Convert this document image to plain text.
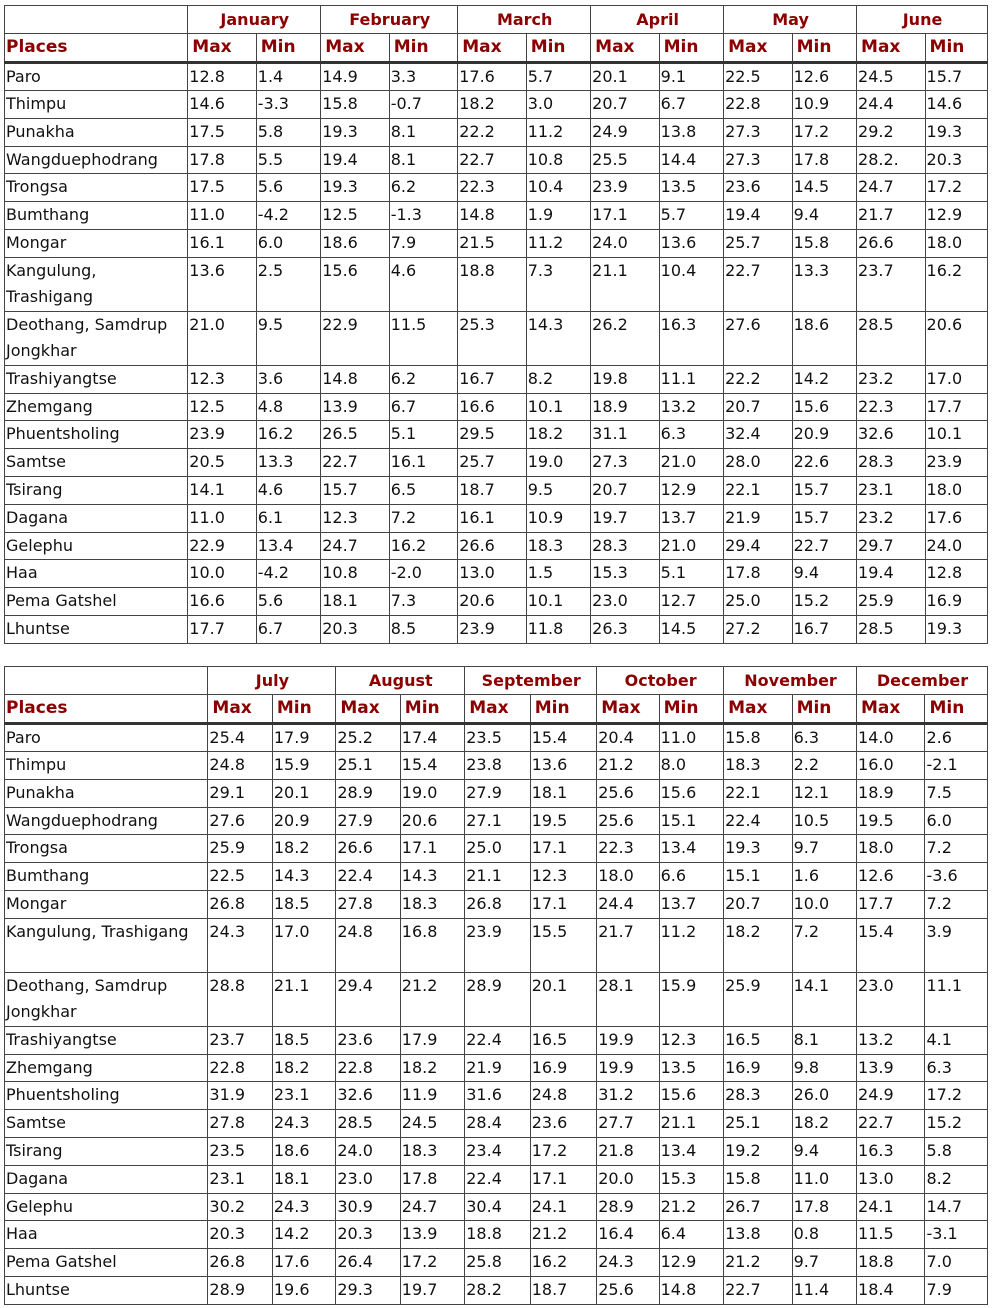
	January		February		March		April		May		June	
Places	Max	Min	Max	Min	Max	Min	Max	Min	Max	Min	Max	Min
Paro	12.8	1.4	14.9	3.3	17.6	5.7	20.1	9.1	22.5	12.6	24.5	15.7
Thimpu	14.6	-3.3	15.8	-0.7	18.2	3.0	20.7	6.7	22.8	10.9	24.4	14.6
Punakha	17.5	5.8	19.3	8.1	22.2	11.2	24.9	13.8	27.3	17.2	29.2	19.3
Wangduephodrang	17.8	5.5	19.4	8.1	22.7	10.8	25.5	14.4	27.3	17.8	28.2.	20.3
Trongsa	17.5	5.6	19.3	6.2	22.3	10.4	23.9	13.5	23.6	14.5	24.7	17.2
Bumthang	11.0	-4.2	12.5	-1.3	14.8	1.9	17.1	5.7	19.4	9.4	21.7	12.9
Mongar	16.1	6.0	18.6	7.9	21.5	11.2	24.0	13.6	25.7	15.8	26.6	18.0
Kangulung, Trashigang	13.6	2.5	15.6	4.6	18.8	7.3	21.1	10.4	22.7	13.3	23.7	16.2
Deothang, Samdrup Jongkhar	21.0	9.5	22.9	11.5	25.3	14.3	26.2	16.3	27.6	18.6	28.5	20.6
Trashiyangtse	12.3	3.6	14.8	6.2	16.7	8.2	19.8	11.1	22.2	14.2	23.2	17.0
Zhemgang	12.5	4.8	13.9	6.7	16.6	10.1	18.9	13.2	20.7	15.6	22.3	17.7
Phuentsholing	23.9	16.2	26.5	5.1	29.5	18.2	31.1	6.3	32.4	20.9	32.6	10.1
Samtse	20.5	13.3	22.7	16.1	25.7	19.0	27.3	21.0	28.0	22.6	28.3	23.9
Tsirang	14.1	4.6	15.7	6.5	18.7	9.5	20.7	12.9	22.1	15.7	23.1	18.0
Dagana	11.0	6.1	12.3	7.2	16.1	10.9	19.7	13.7	21.9	15.7	23.2	17.6
Gelephu	22.9	13.4	24.7	16.2	26.6	18.3	28.3	21.0	29.4	22.7	29.7	24.0
Haa	10.0	-4.2	10.8	-2.0	13.0	1.5	15.3	5.1	17.8	9.4	19.4	12.8
Pema Gatshel	16.6	5.6	18.1	7.3	20.6	10.1	23.0	12.7	25.0	15.2	25.9	16.9
Lhuntse	17.7	6.7	20.3	8.5	23.9	11.8	26.3	14.5	27.2	16.7	28.5	19.3
	July		August		September		October		November		December	
Places	Max	Min	Max	Min	Max	Min	Max	Min	Max	Min	Max	Min
Paro	25.4	17.9	25.2	17.4	23.5	15.4	20.4	11.0	15.8	6.3	14.0	2.6
Thimpu	24.8	15.9	25.1	15.4	23.8	13.6	21.2	8.0	18.3	2.2	16.0	-2.1
Punakha	29.1	20.1	28.9	19.0	27.9	18.1	25.6	15.6	22.1	12.1	18.9	7.5
Wangduephodrang	27.6	20.9	27.9	20.6	27.1	19.5	25.6	15.1	22.4	10.5	19.5	6.0
Trongsa	25.9	18.2	26.6	17.1	25.0	17.1	22.3	13.4	19.3	9.7	18.0	7.2
Bumthang	22.5	14.3	22.4	14.3	21.1	12.3	18.0	6.6	15.1	1.6	12.6	-3.6
Mongar	26.8	18.5	27.8	18.3	26.8	17.1	24.4	13.7	20.7	10.0	17.7	7.2
Kangulung, Trashigang	24.3	17.0	24.8	16.8	23.9	15.5	21.7	11.2	18.2	7.2	15.4	3.9
Deothang, Samdrup Jongkhar	28.8	21.1	29.4	21.2	28.9	20.1	28.1	15.9	25.9	14.1	23.0	11.1
Trashiyangtse	23.7	18.5	23.6	17.9	22.4	16.5	19.9	12.3	16.5	8.1	13.2	4.1
Zhemgang	22.8	18.2	22.8	18.2	21.9	16.9	19.9	13.5	16.9	9.8	13.9	6.3
Phuentsholing	31.9	23.1	32.6	11.9	31.6	24.8	31.2	15.6	28.3	26.0	24.9	17.2
Samtse	27.8	24.3	28.5	24.5	28.4	23.6	27.7	21.1	25.1	18.2	22.7	15.2
Tsirang	23.5	18.6	24.0	18.3	23.4	17.2	21.8	13.4	19.2	9.4	16.3	5.8
Dagana	23.1	18.1	23.0	17.8	22.4	17.1	20.0	15.3	15.8	11.0	13.0	8.2
Gelephu	30.2	24.3	30.9	24.7	30.4	24.1	28.9	21.2	26.7	17.8	24.1	14.7
Haa	20.3	14.2	20.3	13.9	18.8	21.2	16.4	6.4	13.8	0.8	11.5	-3.1
Pema Gatshel	26.8	17.6	26.4	17.2	25.8	16.2	24.3	12.9	21.2	9.7	18.8	7.0
Lhuntse	28.9	19.6	29.3	19.7	28.2	18.7	25.6	14.8	22.7	11.4	18.4	7.9
